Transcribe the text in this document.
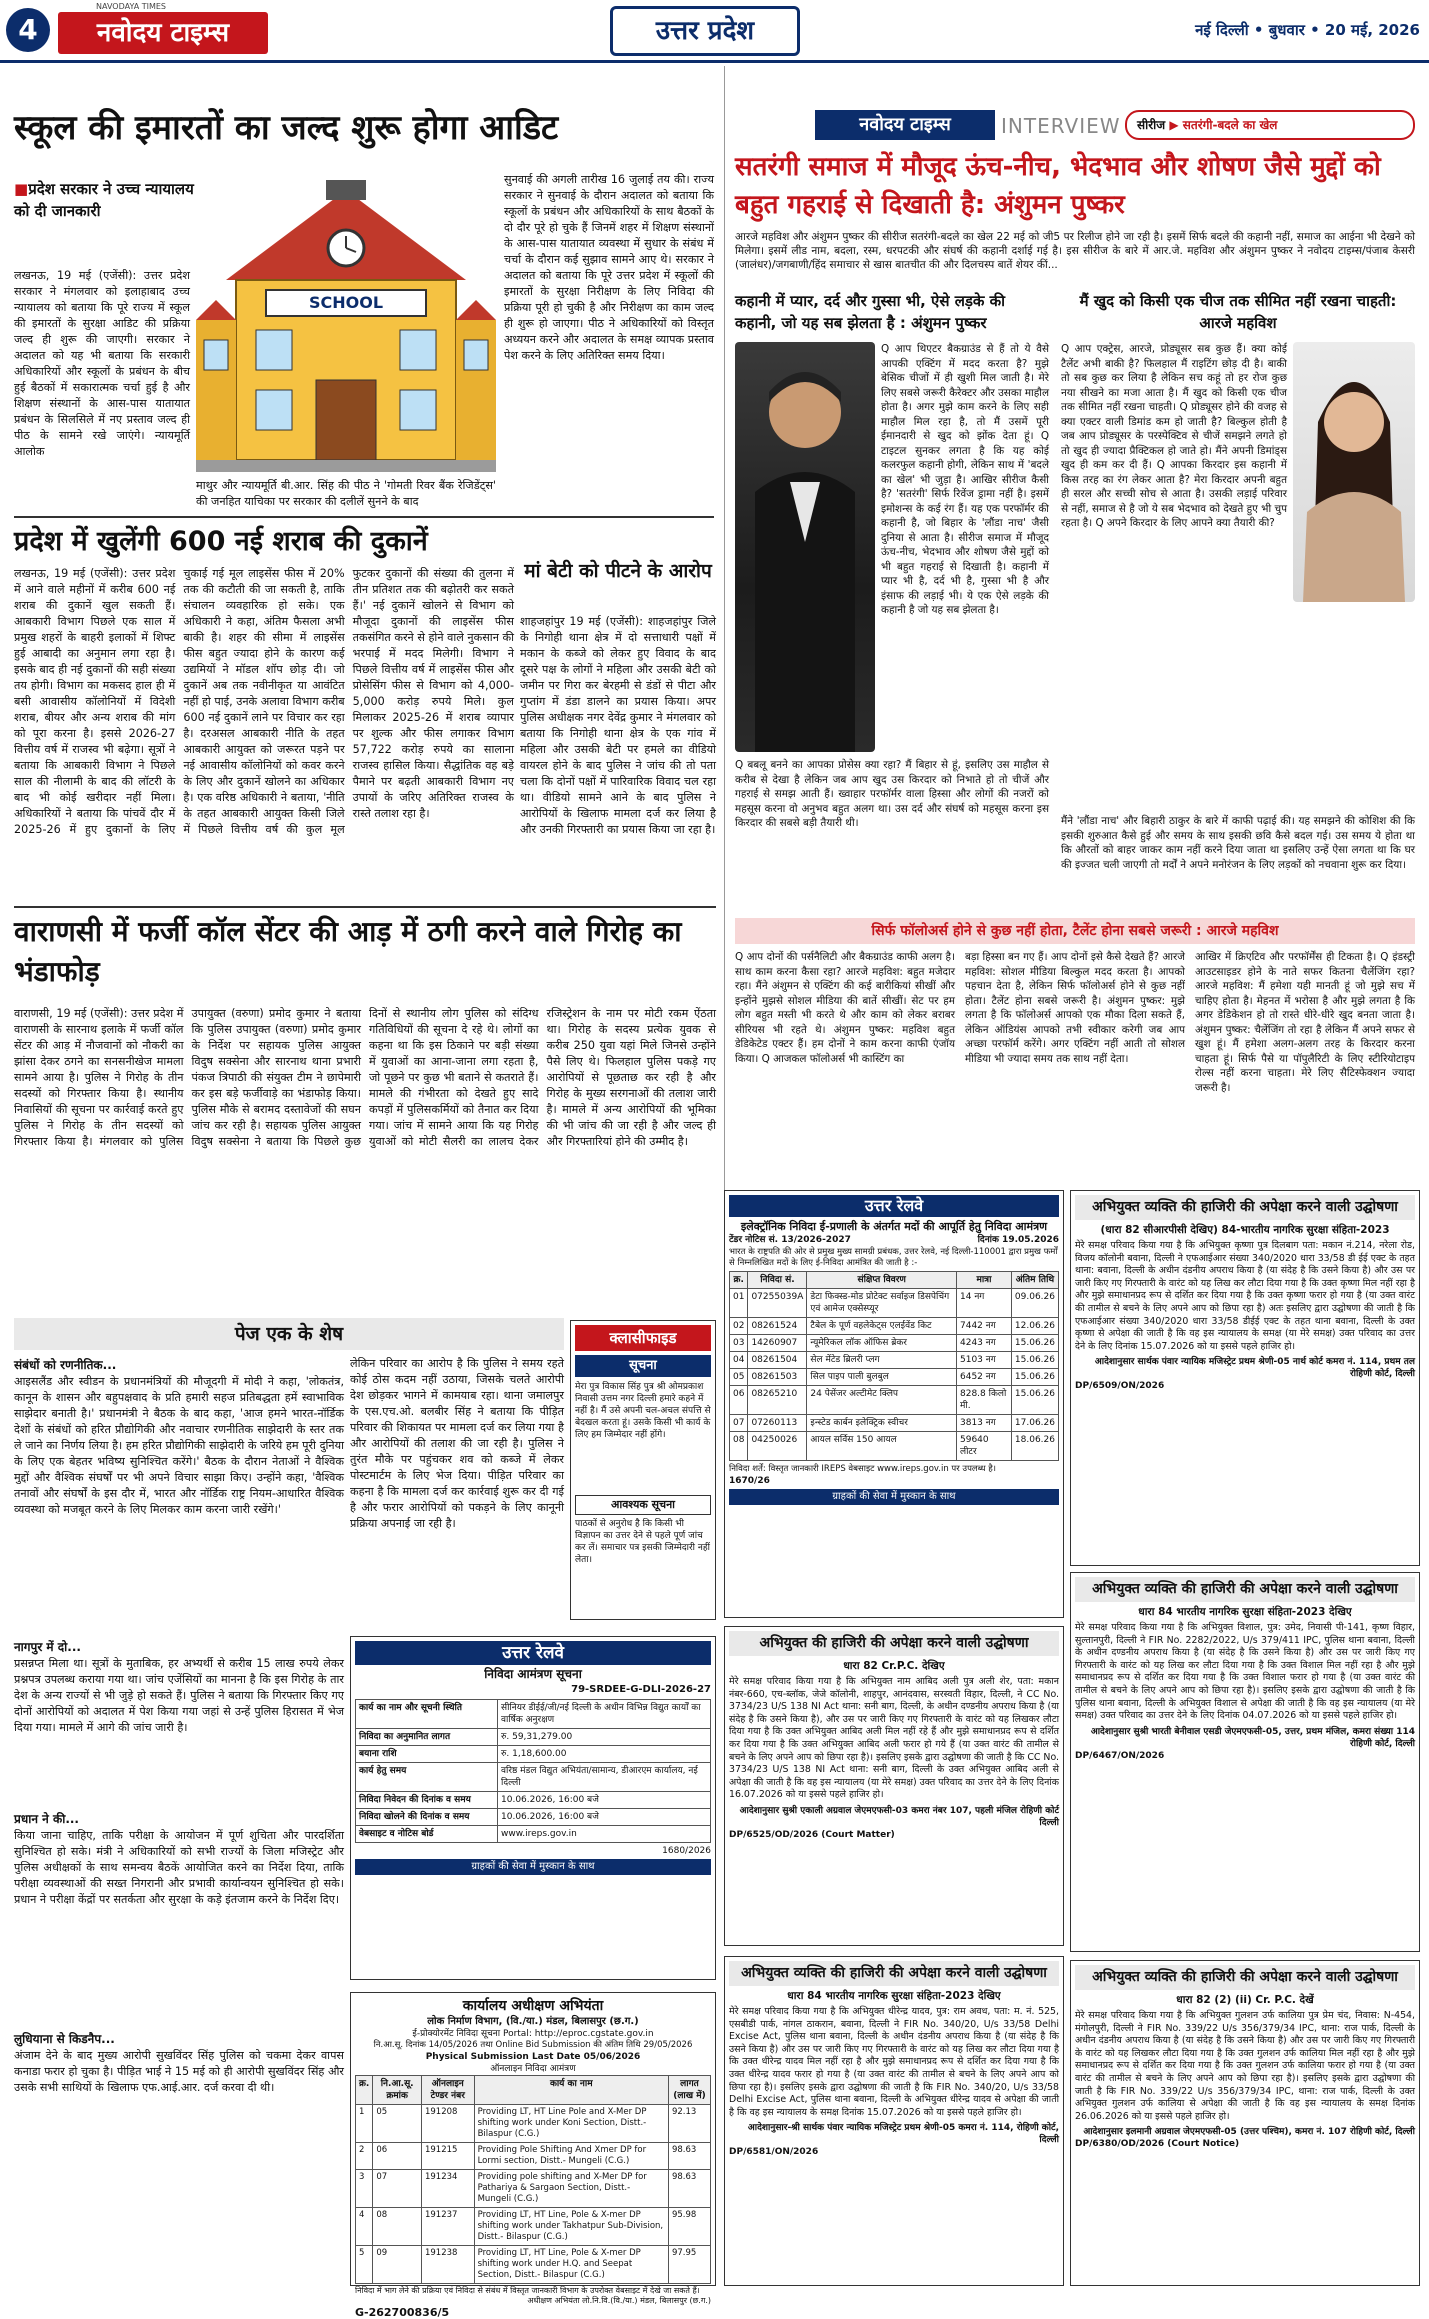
4
NAVODAYA TIMES
नवोदय टाइम्स	उत्तर प्रदेश	नई दिल्ली • बुधवार • 20 मई, 2026
स्कूल की इमारतों का जल्द शुरू होगा आडिट
■प्रदेश सरकार ने उच्च न्यायालय को दी जानकारी
SCHOOL
लखनऊ, 19 मई (एजेंसी): उत्तर प्रदेश सरकार ने मंगलवार को इलाहाबाद उच्च न्यायालय को बताया कि पूरे राज्य में स्कूल की इमारतों के सुरक्षा आडिट की प्रक्रिया जल्द ही शुरू की जाएगी। सरकार ने अदालत को यह भी बताया कि सरकारी अधिकारियों और स्कूलों के प्रबंधन के बीच हुई बैठकों में सकारात्मक चर्चा हुई है और शिक्षण संस्थानों के आस-पास यातायात प्रबंधन के सिलसिले में नए प्रस्ताव जल्द ही पीठ के सामने रखे जाएंगे। न्यायमूर्ति आलोक
माथुर और न्यायमूर्ति बी.आर. सिंह की पीठ ने 'गोमती रिवर बैंक रेजिडेंट्स' की जनहित याचिका पर सरकार की दलीलें सुनने के बाद
सुनवाई की अगली तारीख 16 जुलाई तय की। राज्य सरकार ने सुनवाई के दौरान अदालत को बताया कि स्कूलों के प्रबंधन और अधिकारियों के साथ बैठकों के दो दौर पूरे हो चुके हैं जिनमें शहर में शिक्षण संस्थानों के आस-पास यातायात व्यवस्था में सुधार के संबंध में चर्चा के दौरान कई सुझाव सामने आए थे। सरकार ने अदालत को बताया कि पूरे उत्तर प्रदेश में स्कूलों की इमारतों के सुरक्षा निरीक्षण के लिए निविदा की प्रक्रिया पूरी हो चुकी है और निरीक्षण का काम जल्द ही शुरू हो जाएगा। पीठ ने अधिकारियों को विस्तृत अध्ययन करने और अदालत के समक्ष व्यापक प्रस्ताव पेश करने के लिए अतिरिक्त समय दिया।
प्रदेश में खुलेंगी 600 नई शराब की दुकानें
लखनऊ, 19 मई (एजेंसी): उत्तर प्रदेश में आने वाले महीनों में करीब 600 नई शराब की दुकानें खुल सकती हैं। आबकारी विभाग पिछले एक साल में प्रमुख शहरों के बाहरी इलाकों में शिफ्ट हुई आबादी का अनुमान लगा रहा है। इसके बाद ही नई दुकानों की सही संख्या तय होगी। विभाग का मकसद हाल ही में बसी आवासीय कॉलोनियों में विदेशी शराब, बीयर और अन्य शराब की मांग को पूरा करना है। इससे 2026-27 वित्तीय वर्ष में राजस्व भी बढ़ेगा। सूत्रों ने बताया कि आबकारी विभाग ने पिछले साल की नीलामी के बाद की लॉटरी के बाद भी कोई खरीदार नहीं मिला। अधिकारियों ने बताया कि पांचवें दौर में 2025-26 में हुए दुकानों के लिए चुकाई गई मूल लाइसेंस फीस में 20% तक की कटौती की जा सकती है, ताकि संचालन व्यवहारिक हो सके। एक अधिकारी ने कहा, अंतिम फैसला अभी बाकी है। शहर की सीमा में लाइसेंस फीस बहुत ज्यादा होने के कारण कई उद्यमियों ने मॉडल शॉप छोड़ दी। जो दुकानें अब तक नवीनीकृत या आवंटित नहीं हो पाई, उनके अलावा विभाग करीब 600 नई दुकानें लाने पर विचार कर रहा है। दरअसल आबकारी नीति के तहत आबकारी आयुक्त को जरूरत पड़ने पर नई आवासीय कॉलोनियों को कवर करने के लिए और दुकानें खोलने का अधिकार है। एक वरिष्ठ अधिकारी ने बताया, 'नीति के तहत आबकारी आयुक्त किसी जिले में पिछले वित्तीय वर्ष की कुल मूल फुटकर दुकानों की संख्या की तुलना में तीन प्रतिशत तक की बढ़ोतरी कर सकते हैं।' नई दुकानें खोलने से विभाग को मौजूदा दुकानों की लाइसेंस फीस तकसंगित करने से होने वाले नुकसान की भरपाई में मदद मिलेगी। विभाग ने पिछले वित्तीय वर्ष में लाइसेंस फीस और प्रोसेसिंग फीस से विभाग को 4,000-5,000 करोड़ रुपये मिले। कुल मिलाकर 2025-26 में शराब व्यापार पर शुल्क और फीस लगाकर विभाग 57,722 करोड़ रुपये का सालाना राजस्व हासिल किया। सैद्धांतिक वह बड़े पैमाने पर बढ़ती आबकारी विभाग नए उपायों के जरिए अतिरिक्त राजस्व के रास्ते तलाश रहा है।
मां बेटी को पीटने के आरोप
शाहजहांपुर 19 मई (एजेंसी): शाहजहांपुर जिले के निगोही थाना क्षेत्र में दो सत्ताधारी पक्षों में मकान के कब्जे को लेकर हुए विवाद के बाद दूसरे पक्ष के लोगों ने महिला और उसकी बेटी को जमीन पर गिरा कर बेरहमी से डंडों से पीटा और गुप्तांग में डंडा डालने का प्रयास किया। अपर पुलिस अधीक्षक नगर देवेंद्र कुमार ने मंगलवार को बताया कि निगोही थाना क्षेत्र के एक गांव में महिला और उसकी बेटी पर हमले का वीडियो वायरल होने के बाद पुलिस ने जांच की तो पता चला कि दोनों पक्षों में पारिवारिक विवाद चल रहा था। वीडियो सामने आने के बाद पुलिस ने आरोपियों के खिलाफ मामला दर्ज कर लिया है और उनकी गिरफ्तारी का प्रयास किया जा रहा है।
वाराणसी में फर्जी कॉल सेंटर की आड़ में ठगी करने वाले गिरोह का भंडाफोड़
वाराणसी, 19 मई (एजेंसी): उत्तर प्रदेश में वाराणसी के सारनाथ इलाके में फर्जी कॉल सेंटर की आड़ में नौजवानों को नौकरी का झांसा देकर ठगने का सनसनीखेज मामला सामने आया है। पुलिस ने गिरोह के तीन सदस्यों को गिरफ्तार किया है। स्थानीय निवासियों की सूचना पर कार्रवाई करते हुए पुलिस ने गिरोह के तीन सदस्यों को गिरफ्तार किया है। मंगलवार को पुलिस उपायुक्त (वरुणा) प्रमोद कुमार ने बताया कि पुलिस उपायुक्त (वरुणा) प्रमोद कुमार के निर्देश पर सहायक पुलिस आयुक्त विदुष सक्सेना और सारनाथ थाना प्रभारी पंकज त्रिपाठी की संयुक्त टीम ने छापेमारी कर इस बड़े फर्जीवाड़े का भंडाफोड़ किया। पुलिस मौके से बरामद दस्तावेजों की सघन जांच कर रही है। सहायक पुलिस आयुक्त विदुष सक्सेना ने बताया कि पिछले कुछ दिनों से स्थानीय लोग पुलिस को संदिग्ध गतिविधियों की सूचना दे रहे थे। लोगों का कहना था कि इस ठिकाने पर बड़ी संख्या में युवाओं का आना-जाना लगा रहता है, जो पूछने पर कुछ भी बताने से कतराते हैं। मामले की गंभीरता को देखते हुए सादे कपड़ों में पुलिसकर्मियों को तैनात कर दिया गया। जांच में सामने आया कि यह गिरोह युवाओं को मोटी सैलरी का लालच देकर रजिस्ट्रेशन के नाम पर मोटी रकम ऐंठता था। गिरोह के सदस्य प्रत्येक युवक से करीब 250 युवा यहां मिले जिनसे उन्होंने पैसे लिए थे। फिलहाल पुलिस पकड़े गए आरोपियों से पूछताछ कर रही है और गिरोह के मुख्य सरगनाओं की तलाश जारी है। मामले में अन्य आरोपियों की भूमिका की भी जांच की जा रही है और जल्द ही और गिरफ्तारियां होने की उम्मीद है।
पेज एक के शेष
संबंधों को रणनीतिक...
आइसलैंड और स्वीडन के प्रधानमंत्रियों की मौजूदगी में मोदी ने कहा, 'लोकतंत्र, कानून के शासन और बहुपक्षवाद के प्रति हमारी सहज प्रतिबद्धता हमें स्वाभाविक साझेदार बनाती है।' प्रधानमंत्री ने बैठक के बाद कहा, 'आज हमने भारत-नॉर्डिक देशों के संबंधों को हरित प्रौद्योगिकी और नवाचार रणनीतिक साझेदारी के स्तर तक ले जाने का निर्णय लिया है। हम हरित प्रौद्योगिकी साझेदारी के जरिये हम पूरी दुनिया के लिए एक बेहतर भविष्य सुनिश्चित करेंगे।' बैठक के दौरान नेताओं ने वैश्विक मुद्दों और वैश्विक संघर्षों पर भी अपने विचार साझा किए। उन्होंने कहा, 'वैश्विक तनावों और संघर्षों के इस दौर में, भारत और नॉर्डिक राष्ट्र नियम-आधारित वैश्विक व्यवस्था को मजबूत करने के लिए मिलकर काम करना जारी रखेंगे।'
नागपुर में दो...
प्रसन्नप्त मिला था। सूत्रों के मुताबिक, हर अभ्यर्थी से करीब 15 लाख रुपये लेकर प्रश्नपत्र उपलब्ध कराया गया था। जांच एजेंसियों का मानना है कि इस गिरोह के तार देश के अन्य राज्यों से भी जुड़े हो सकते हैं। पुलिस ने बताया कि गिरफ्तार किए गए दोनों आरोपियों को अदालत में पेश किया गया जहां से उन्हें पुलिस हिरासत में भेज दिया गया। मामले में आगे की जांच जारी है।
प्रधान ने की...
किया जाना चाहिए, ताकि परीक्षा के आयोजन में पूर्ण शुचिता और पारदर्शिता सुनिश्चित हो सके। मंत्री ने अधिकारियों को सभी राज्यों के जिला मजिस्ट्रेट और पुलिस अधीक्षकों के साथ समन्वय बैठकें आयोजित करने का निर्देश दिया, ताकि परीक्षा व्यवस्थाओं की सख्त निगरानी और प्रभावी कार्यान्वयन सुनिश्चित हो सके। प्रधान ने परीक्षा केंद्रों पर सतर्कता और सुरक्षा के कड़े इंतजाम करने के निर्देश दिए।
लुधियाना से किडनैप...
अंजाम देने के बाद मुख्य आरोपी सुखविंदर सिंह पुलिस को चकमा देकर वापस कनाडा फरार हो चुका है। पीड़ित भाई ने 15 मई को ही आरोपी सुखविंदर सिंह और उसके सभी साथियों के खिलाफ एफ.आई.आर. दर्ज करवा दी थी।
लेकिन परिवार का आरोप है कि पुलिस ने समय रहते कोई ठोस कदम नहीं उठाया, जिसके चलते आरोपी देश छोड़कर भागने में कामयाब रहा। थाना जमालपुर के एस.एच.ओ. बलबीर सिंह ने बताया कि पीड़ित परिवार की शिकायत पर मामला दर्ज कर लिया गया है और आरोपियों की तलाश की जा रही है। पुलिस ने तुरंत मौके पर पहुंचकर शव को कब्जे में लेकर पोस्टमार्टम के लिए भेज दिया। पीड़ित परिवार का कहना है कि मामला दर्ज कर कार्रवाई शुरू कर दी गई है और फरार आरोपियों को पकड़ने के लिए कानूनी प्रक्रिया अपनाई जा रही है।
क्लासीफाइड
सूचना
मेरा पुत्र विकास सिंह पुत्र श्री ओमप्रकाश निवासी उत्तम नगर दिल्ली हमारे कहने में नहीं है। मैं उसे अपनी चल-अचल संपत्ति से बेदखल करता हूं। उसके किसी भी कार्य के लिए हम जिम्मेदार नहीं होंगे।
आवश्यक सूचना
पाठकों से अनुरोध है कि किसी भी विज्ञापन का उत्तर देने से पहले पूर्ण जांच कर लें। समाचार पत्र इसकी जिम्मेदारी नहीं लेता।
उत्तर रेलवे
निविदा आमंत्रण सूचना
79-SRDEE-G-DLI-2026-27
कार्य का नाम और सूचनी स्थिति	सीनियर डीईई/जी/नई दिल्ली के अधीन विभिन्न विद्युत कार्यों का वार्षिक अनुरक्षण
निविदा का अनुमानित लागत	रु. 59,31,279.00
बयाना राशि	रु. 1,18,600.00
कार्य हेतु समय	वरिष्ठ मंडल विद्युत अभियंता/सामान्य, डीआरएम कार्यालय, नई दिल्ली
निविदा निवेदन की दिनांक व समय	10.06.2026, 16:00 बजे
निविदा खोलने की दिनांक व समय	10.06.2026, 16:00 बजे
वेबसाइट व नोटिस बोर्ड	www.ireps.gov.in
1680/2026
ग्राहकों की सेवा में मुस्कान के साथ
कार्यालय अधीक्षण अभियंता
लोक निर्माण विभाग, (वि./या.) मंडल, बिलासपुर (छ.ग.)
ई-प्रोक्योरमेंट निविदा सूचना Portal: http://eproc.cgstate.gov.in
नि.आ.सू. दिनांक 14/05/2026 तथा Online Bid Submission की अंतिम तिथि 29/05/2026
Physical Submission Last Date 05/06/2026
ऑनलाइन निविदा आमंत्रण
क्र.	नि.आ.सू. क्रमांक	ऑनलाइन टेण्डर नंबर	कार्य का नाम	लागत (लाख में)
1	05	191208	Providing LT, HT Line Pole and X-Mer DP shifting work under Koni Section, Distt.- Bilaspur (C.G.)	92.13
2	06	191215	Providing Pole Shifting And Xmer DP for Lormi section, Distt.- Mungeli (C.G.)	98.63
3	07	191234	Providing pole shifting and X-Mer DP for Pathariya & Sargaon Section, Distt.- Mungeli (C.G.)	98.63
4	08	191237	Providing LT, HT Line, Pole & X-mer DP shifting work under Takhatpur Sub-Division, Distt.- Bilaspur (C.G.)	95.98
5	09	191238	Providing LT, HT Line, Pole & X-mer DP shifting work under H.Q. and Seepat Section, Distt.- Bilaspur (C.G.)	97.95
निविदा में भाग लेने की प्रक्रिया एवं निविदा से संबंध में विस्तृत जानकारी विभाग के उपरोक्त वेबसाइट में देखे जा सकते हैं।
अधीक्षण अभियंता लो.नि.वि.(वि./या.) मंडल, बिलासपुर (छ.ग.)
G-262700836/5
नवोदय टाइम्स	INTERVIEW	सीरीज ▶ सतरंगी-बदले का खेल
सतरंगी समाज में मौजूद ऊंच-नीच, भेदभाव और शोषण जैसे मुद्दों को बहुत गहराई से दिखाती है: अंशुमन पुष्कर
आरजे महविश और अंशुमन पुष्कर की सीरीज सतरंगी-बदले का खेल 22 मई को जी5 पर रिलीज होने जा रही है। इसमें सिर्फ बदले की कहानी नहीं, समाज का आईना भी देखने को मिलेगा। इसमें लीड नाम, बदला, रस्म, धरपटकी और संघर्ष की कहानी दर्शाई गई है। इस सीरीज के बारे में आर.जे. महविश और अंशुमन पुष्कर ने नवोदय टाइम्स/पंजाब केसरी (जालंधर)/जगबाणी/हिंद समाचार से खास बातचीत की और दिलचस्प बातें शेयर कीं...
कहानी में प्यार, दर्द और गुस्सा भी, ऐसे लड़के की कहानी, जो यह सब झेलता है : अंशुमन पुष्कर
मैं खुद को किसी एक चीज तक सीमित नहीं रखना चाहती: आरजे महविश
Q आप थिएटर बैकग्राउंड से हैं तो ये वैसे आपकी एक्टिंग में मदद करता है? मुझे बेसिक चीजों में ही खुशी मिल जाती है। मेरे लिए सबसे जरूरी कैरेक्टर और उसका माहौल होता है। अगर मुझे काम करने के लिए सही माहौल मिल रहा है, तो मैं उसमें पूरी ईमानदारी से खुद को झोंक देता हूं। Q टाइटल सुनकर लगता है कि यह कोई कलरफुल कहानी होगी, लेकिन साथ में 'बदले का खेल' भी जुड़ा है। आखिर सीरीज कैसी है? 'सतरंगी' सिर्फ रिवेंज ड्रामा नहीं है। इसमें इमोशन्स के कई रंग हैं। यह एक परफॉर्मर की कहानी है, जो बिहार के 'लौंडा नाच' जैसी दुनिया से आता है। सीरीज समाज में मौजूद ऊंच-नीच, भेदभाव और शोषण जैसे मुद्दों को भी बहुत गहराई से दिखाती है। कहानी में प्यार भी है, दर्द भी है, गुस्सा भी है और इंसाफ की लड़ाई भी। ये एक ऐसे लड़के की कहानी है जो यह सब झेलता है।
Q बबलू बनने का आपका प्रोसेस क्या रहा? मैं बिहार से हूं, इसलिए उस माहौल से करीब से देखा है लेकिन जब आप खुद उस किरदार को निभाते हो तो चीजें और गहराई से समझ आती हैं। ख्वाहार परफॉर्मर वाला हिस्सा और लोगों की नजरों को महसूस करना वो अनुभव बहुत अलग था। उस दर्द और संघर्ष को महसूस करना इस किरदार की सबसे बड़ी तैयारी थी।
Q आप एक्ट्रेस, आरजे, प्रोड्यूसर सब कुछ हैं। क्या कोई टैलेंट अभी बाकी है? फिलहाल मैं राइटिंग छोड़ दी है। बाकी तो सब कुछ कर लिया है लेकिन सच कहूं तो हर रोज कुछ नया सीखने का मजा आता है। मैं खुद को किसी एक चीज तक सीमित नहीं रखना चाहती। Q प्रोड्यूसर होने की वजह से क्या एक्टर वाली डिमांड कम हो जाती है? बिल्कुल होती है जब आप प्रोड्यूसर के परस्पेक्टिव से चीजें समझने लगते हो तो खुद ही ज्यादा प्रैक्टिकल हो जाते हो। मैंने अपनी डिमांड्स खुद ही कम कर दी हैं। Q आपका किरदार इस कहानी में किस तरह का रंग लेकर आता है? मेरा किरदार अपनी बहुत ही सरल और सच्ची सोच से आता है। उसकी लड़ाई परिवार से नहीं, समाज से है जो ये सब भेदभाव को देखते हुए भी चुप रहता है। Q अपने किरदार के लिए आपने क्या तैयारी की?
मैंने 'लौंडा नाच' और बिहारी ठाकुर के बारे में काफी पढ़ाई की। यह समझने की कोशिश की कि इसकी शुरुआत कैसे हुई और समय के साथ इसकी छवि कैसे बदल गई। उस समय ये होता था कि औरतों को बाहर जाकर काम नहीं करने दिया जाता था इसलिए उन्हें ऐसा लगता था कि घर की इज्जत चली जाएगी तो मर्दों ने अपने मनोरंजन के लिए लड़कों को नचवाना शुरू कर दिया।
सिर्फ फॉलोअर्स होने से कुछ नहीं होता, टैलेंट होना सबसे जरूरी : आरजे महविश
Q आप दोनों की पर्सनैलिटी और बैकग्राउंड काफी अलग है। साथ काम करना कैसा रहा? आरजे महविश: बहुत मजेदार रहा। मैंने अंशुमन से एक्टिंग की कई बारीकियां सीखीं और इन्होंने मुझसे सोशल मीडिया की बातें सीखीं। सेट पर हम लोग बहुत मस्ती भी करते थे और काम को लेकर बराबर सीरियस भी रहते थे। अंशुमन पुष्कर: महविश बहुत डेडिकेटेड एक्टर हैं। हम दोनों ने काम करना काफी एंजॉय किया। Q आजकल फॉलोअर्स भी कास्टिंग का
बड़ा हिस्सा बन गए हैं। आप दोनों इसे कैसे देखते हैं? आरजे महविश: सोशल मीडिया बिल्कुल मदद करता है। आपको पहचान देता है, लेकिन सिर्फ फॉलोअर्स होने से कुछ नहीं होता। टैलेंट होना सबसे जरूरी है। अंशुमन पुष्कर: मुझे लगता है कि फॉलोअर्स आपको एक मौका दिला सकते हैं, लेकिन ऑडियंस आपको तभी स्वीकार करेगी जब आप अच्छा परफॉर्म करेंगे। अगर एक्टिंग नहीं आती तो सोशल मीडिया भी ज्यादा समय तक साथ नहीं देता।
आखिर में क्रिएटिव और परफॉर्मेंस ही टिकता है। Q इंडस्ट्री आउटसाइडर होने के नाते सफर कितना चैलेंजिंग रहा? आरजे महविश: मैं हमेशा यही मानती हूं जो मुझे सच में चाहिए होता है। मेहनत में भरोसा है और मुझे लगता है कि अगर डेडिकेशन हो तो रास्ते धीरे-धीरे खुद बनता जाता है। अंशुमन पुष्कर: चैलेंजिंग तो रहा है लेकिन मैं अपने सफर से खुश हूं। मैं हमेशा अलग-अलग तरह के किरदार करना चाहता हूं। सिर्फ पैसे या पॉपुलैरिटी के लिए स्टीरियोटाइप रोल्स नहीं करना चाहता। मेरे लिए सैटिस्फेक्शन ज्यादा जरूरी है।
उत्तर रेलवे
इलेक्ट्रॉनिक निविदा ई-प्रणाली के अंतर्गत मदों की आपूर्ति हेतु निविदा आमंत्रण
टेंडर नोटिस सं. 13/2026-2027	दिनांक 19.05.2026
भारत के राष्ट्रपति की ओर से प्रमुख मुख्य सामग्री प्रबंधक, उत्तर रेलवे, नई दिल्ली-110001 द्वारा प्रमुख फर्मों से निम्नलिखित मदों के लिए ई-निविदा आमंत्रित की जाती है :-
क्र.	निविदा सं.	संक्षिप्त विवरण	मात्रा	अंतिम तिथि
01	07255039A	डेटा फिक्स्ड-मोड प्रोटेक्ट सर्वाइज डिसपेचिंग एवं आमेज एक्सेस्प्यूर	14 नग	09.06.26
02	08261524	टैबेल के पूर्ण वहलेकेट्स एलईवेंड किट	7442 नग	12.06.26
03	14260907	न्यूमेरिकल लॉक ऑफिस ब्रेकर	4243 नग	15.06.26
04	08261504	सेल मेंटेड ब्रिलरी प्लग	5103 नग	15.06.26
05	08261503	सिल पाइप पाली बुलबुल	6452 नग	15.06.26
06	08265210	24 पेसेंजर अल्टीमेट क्लिप	828.8 किलो मी.	15.06.26
07	07260113	इन्स्टेड कार्बन इलेक्ट्रिक स्वीचर	3813 नग	17.06.26
08	04250026	आयल सर्विस 150 आयल	59640 लीटर	18.06.26
निविदा शर्तें: विस्तृत जानकारी IREPS वेबसाइट www.ireps.gov.in पर उपलब्ध है।
1670/26
ग्राहकों की सेवा में मुस्कान के साथ
अभियुक्त व्यक्ति की हाजिरी की अपेक्षा करने वाली उद्घोषणा
(धारा 82 सीआरपीसी देखिए) 84-भारतीय नागरिक सुरक्षा संहिता-2023
मेरे समक्ष परिवाद किया गया है कि अभियुक्त कृष्णा पुत्र दिलबाग पता: मकान नं.214, नरेला रोड, विजय कॉलोनी बवाना, दिल्ली ने एफआईआर संख्या 340/2020 धारा 33/58 डी ईई एक्ट के तहत थाना: बवाना, दिल्ली के अधीन दंडनीय अपराध किया है (या संदेह है कि उसने किया है) और उस पर जारी किए गए गिरफ्तारी के वारंट को यह लिख कर लौटा दिया गया है कि उक्त कृष्णा मिल नहीं रहा है और मुझे समाधानप्रद रूप से दर्शित कर दिया गया है कि उक्त कृष्णा फरार हो गया है (या उक्त वारंट की तामील से बचने के लिए अपने आप को छिपा रहा है) अतः इसलिए द्वारा उद्घोषणा की जाती है कि एफआईआर संख्या 340/2020 धारा 33/58 डीईई एक्ट के तहत थाना बवाना, दिल्ली के उक्त कृष्णा से अपेक्षा की जाती है कि वह इस न्यायालय के समक्ष (या मेरे समक्ष) उक्त परिवाद का उत्तर देने के लिए दिनांक 15.07.2026 को या इससे पहले हाजिर हो।
आदेशानुसार सार्थक पंवार न्यायिक मजिस्ट्रेट प्रथम श्रेणी-05 नार्थ कोर्ट कमरा नं. 114, प्रथम तल रोहिणी कोर्ट, दिल्ली
DP/6509/ON/2026
अभियुक्त की हाजिरी की अपेक्षा करने वाली उद्घोषणा
धारा 82 Cr.P.C. देखिए
मेरे समक्ष परिवाद किया गया है कि अभियुक्त नाम आबिद अली पुत्र अली शेर, पता: मकान नंबर-660, एच-ब्लॉक, जेजे कॉलोनी, शाहपुर, आनंदवास, सरस्वती विहार, दिल्ली, ने CC No. 3734/23 U/S 138 NI Act थाना: सनी बाग, दिल्ली, के अधीन दण्डनीय अपराध किया है (या संदेह है कि उसने किया है), और उस पर जारी किए गए गिरफ्तारी के वारंट को यह लिखकर लौटा दिया गया है कि उक्त अभियुक्त आबिद अली मिल नहीं रहे हैं और मुझे समाधानप्रद रूप से दर्शित कर दिया गया है कि उक्त अभियुक्त आबिद अली फरार हो गये हैं (या उक्त वारंट की तामील से बचने के लिए अपने आप को छिपा रहा है)। इसलिए इसके द्वारा उद्घोषणा की जाती है कि CC No. 3734/23 U/S 138 NI Act थाना: सनी बाग, दिल्ली के उक्त अभियुक्त आबिद अली से अपेक्षा की जाती है कि वह इस न्यायालय (या मेरे समक्ष) उक्त परिवाद का उत्तर देने के लिए दिनांक 16.07.2026 को या इससे पहले हाजिर हो।
आदेशानुसार सुश्री एकाली अग्रवाल जेएमएफसी-03 कमरा नंबर 107, पहली मंजिल रोहिणी कोर्ट दिल्ली
DP/6525/OD/2026 (Court Matter)
अभियुक्त व्यक्ति की हाजिरी की अपेक्षा करने वाली उद्घोषणा
धारा 84 भारतीय नागरिक सुरक्षा संहिता-2023 देखिए
मेरे समक्ष परिवाद किया गया है कि अभियुक्त विशाल, पुत्र: उमेद, निवासी पी-141, कृष्ण विहार, सुल्तानपुरी, दिल्ली ने FIR No. 2282/2022, U/s 379/411 IPC, पुलिस थाना बवाना, दिल्ली के अधीन दण्डनीय अपराध किया है (या संदेह है कि उसने किया है) और उस पर जारी किए गए गिरफ्तारी के वारंट को यह लिख कर लौटा दिया गया है कि उक्त विशाल मिल नहीं रहा है और मुझे समाधानप्रद रूप से दर्शित कर दिया गया है कि उक्त विशाल फरार हो गया है (या उक्त वारंट की तामील से बचने के लिए अपने आप को छिपा रहा है)। इसलिए इसके द्वारा उद्घोषणा की जाती है कि पुलिस थाना बवाना, दिल्ली के अभियुक्त विशाल से अपेक्षा की जाती है कि वह इस न्यायालय (या मेरे समक्ष) उक्त परिवाद का उत्तर देने के लिए दिनांक 04.07.2026 को या इससे पहले हाजिर हो।
आदेशानुसार सुश्री भारती बेनीवाल एसडी जेएमएफसी-05, उत्तर, प्रथम मंजिल, कमरा संख्या 114 रोहिणी कोर्ट, दिल्ली
DP/6467/ON/2026
अभियुक्त व्यक्ति की हाजिरी की अपेक्षा करने वाली उद्घोषणा
धारा 84 भारतीय नागरिक सुरक्षा संहिता-2023 देखिए
मेरे समक्ष परिवाद किया गया है कि अभियुक्त धीरेन्द्र यादव, पुत्र: राम अवध, पता: म. नं. 525, एसबीडी पार्क, नांगल ठाकरान, बवाना, दिल्ली ने FIR No. 340/20, U/s 33/58 Delhi Excise Act, पुलिस थाना बवाना, दिल्ली के अधीन दंडनीय अपराध किया है (या संदेह है कि उसने किया है) और उस पर जारी किए गए गिरफ्तारी के वारंट को यह लिख कर लौटा दिया गया है कि उक्त धीरेन्द्र यादव मिल नहीं रहा है और मुझे समाधानप्रद रूप से दर्शित कर दिया गया है कि उक्त धीरेन्द्र यादव फरार हो गया है (या उक्त वारंट की तामील से बचने के लिए अपने आप को छिपा रहा है)। इसलिए इसके द्वारा उद्घोषणा की जाती है कि FIR No. 340/20, U/s 33/58 Delhi Excise Act, पुलिस थाना बवाना, दिल्ली के अभियुक्त धीरेन्द्र यादव से अपेक्षा की जाती है कि वह इस न्यायालय के समक्ष दिनांक 15.07.2026 को या इससे पहले हाजिर हो।
आदेशानुसार-श्री सार्थक पंवार न्यायिक मजिस्ट्रेट प्रथम श्रेणी-05 कमरा नं. 114, रोहिणी कोर्ट, दिल्ली
DP/6581/ON/2026
अभियुक्त व्यक्ति की हाजिरी की अपेक्षा करने वाली उद्घोषणा
धारा 82 (2) (ii) Cr. P.C. देखें
मेरे समक्ष परिवाद किया गया है कि अभियुक्त गुलशन उर्फ कालिया पुत्र प्रेम चंद, निवास: N-454, मंगोलपुरी, दिल्ली ने FIR No. 339/22 U/s 356/379/34 IPC, थाना: राज पार्क, दिल्ली के अधीन दंडनीय अपराध किया है (या संदेह है कि उसने किया है) और उस पर जारी किए गए गिरफ्तारी के वारंट को यह लिखकर लौटा दिया गया है कि उक्त गुलशन उर्फ कालिया मिल नहीं रहा है और मुझे समाधानप्रद रूप से दर्शित कर दिया गया है कि उक्त गुलशन उर्फ कालिया फरार हो गया है (या उक्त वारंट की तामील से बचने के लिए अपने आप को छिपा रहा है)। इसलिए इसके द्वारा उद्घोषणा की जाती है कि FIR No. 339/22 U/s 356/379/34 IPC, थाना: राज पार्क, दिल्ली के उक्त अभियुक्त गुलशन उर्फ कालिया से अपेक्षा की जाती है कि वह इस न्यायालय के समक्ष दिनांक 26.06.2026 को या इससे पहले हाजिर हो।
आदेशानुसार इलमानी अग्रवाल जेएमएफसी-05 (उत्तर पश्चिम), कमरा नं. 107 रोहिणी कोर्ट, दिल्ली
DP/6380/OD/2026 (Court Notice)
